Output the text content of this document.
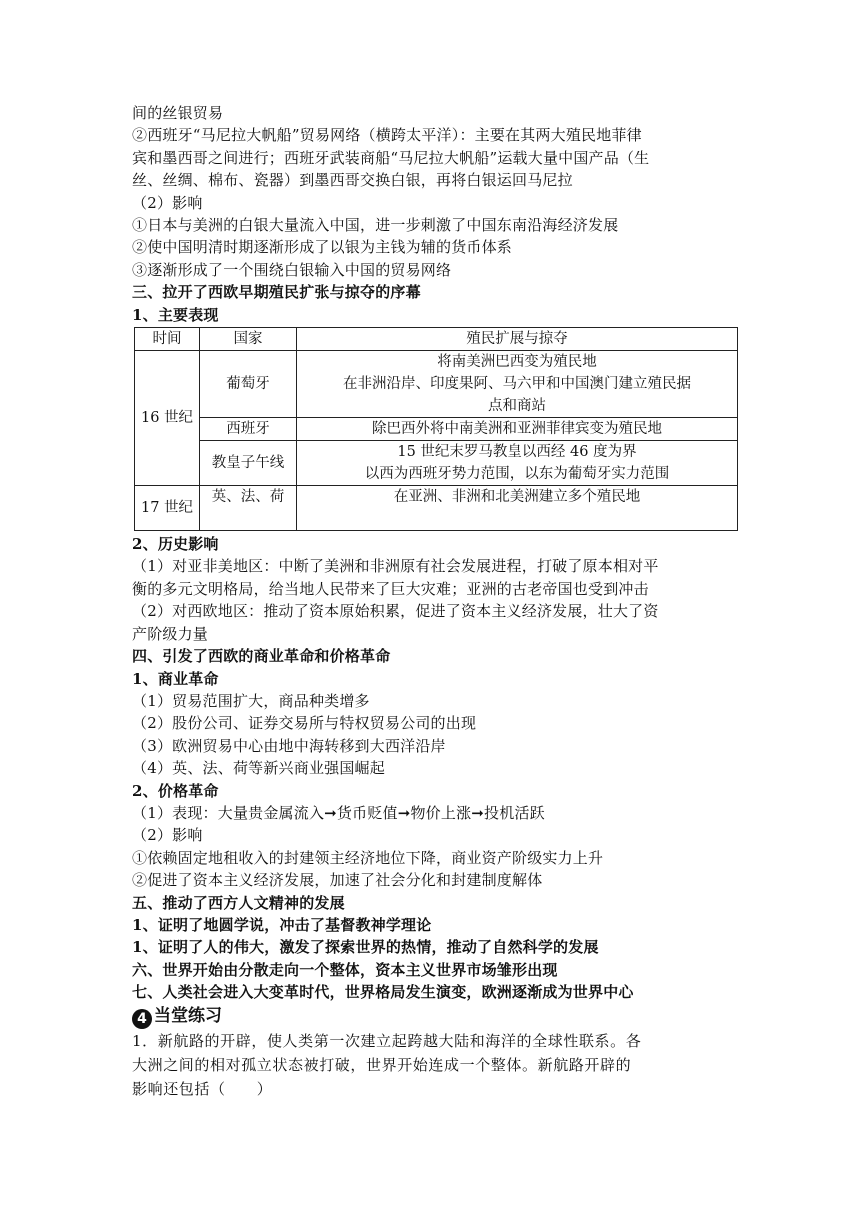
间的丝银贸易
②西班牙“马尼拉大帆船”贸易网络（横跨太平洋）：主要在其两大殖民地菲律
宾和墨西哥之间进行；西班牙武装商船“马尼拉大帆船”运载大量中国产品（生
丝、丝绸、棉布、瓷器）到墨西哥交换白银，再将白银运回马尼拉
（2）影响
①日本与美洲的白银大量流入中国，进一步刺激了中国东南沿海经济发展
②使中国明清时期逐渐形成了以银为主钱为辅的货币体系
③逐渐形成了一个围绕白银输入中国的贸易网络
三、拉开了西欧早期殖民扩张与掠夺的序幕
1、主要表现
时间	国家	殖民扩展与掠夺
16 世纪	葡萄牙	将南美洲巴西变为殖民地
		在非洲沿岸、印度果阿、马六甲和中国澳门建立殖民据
		点和商站
	西班牙	除巴西外将中南美洲和亚洲菲律宾变为殖民地
	教皇子午线	15 世纪末罗马教皇以西经 46 度为界
以西为西班牙势力范围，以东为葡萄牙实力范围

17 世纪	英、法、荷	在亚洲、非洲和北美洲建立多个殖民地
2、历史影响
（1）对亚非美地区：中断了美洲和非洲原有社会发展进程，打破了原本相对平
衡的多元文明格局，给当地人民带来了巨大灾难；亚洲的古老帝国也受到冲击
（2）对西欧地区：推动了资本原始积累，促进了资本主义经济发展，壮大了资
产阶级力量
四、引发了西欧的商业革命和价格革命
1、商业革命
（1）贸易范围扩大，商品种类增多
（2）股份公司、证券交易所与特权贸易公司的出现
（3）欧洲贸易中心由地中海转移到大西洋沿岸
（4）英、法、荷等新兴商业强国崛起
2、价格革命
（1）表现：大量贵金属流入➞货币贬值➞物价上涨➞投机活跃
（2）影响
①依赖固定地租收入的封建领主经济地位下降，商业资产阶级实力上升
②促进了资本主义经济发展，加速了社会分化和封建制度解体
五、推动了西方人文精神的发展
1、证明了地圆学说，冲击了基督教神学理论
1、证明了人的伟大，激发了探索世界的热情，推动了自然科学的发展
六、世界开始由分散走向一个整体，资本主义世界市场雏形出现
七、人类社会进入大变革时代，世界格局发生演变，欧洲逐渐成为世界中心
4 当堂练习
1．新航路的开辟，使人类第一次建立起跨越大陆和海洋的全球性联系。各
大洲之间的相对孤立状态被打破，世界开始连成一个整体。新航路开辟的
影响还包括（　　）
